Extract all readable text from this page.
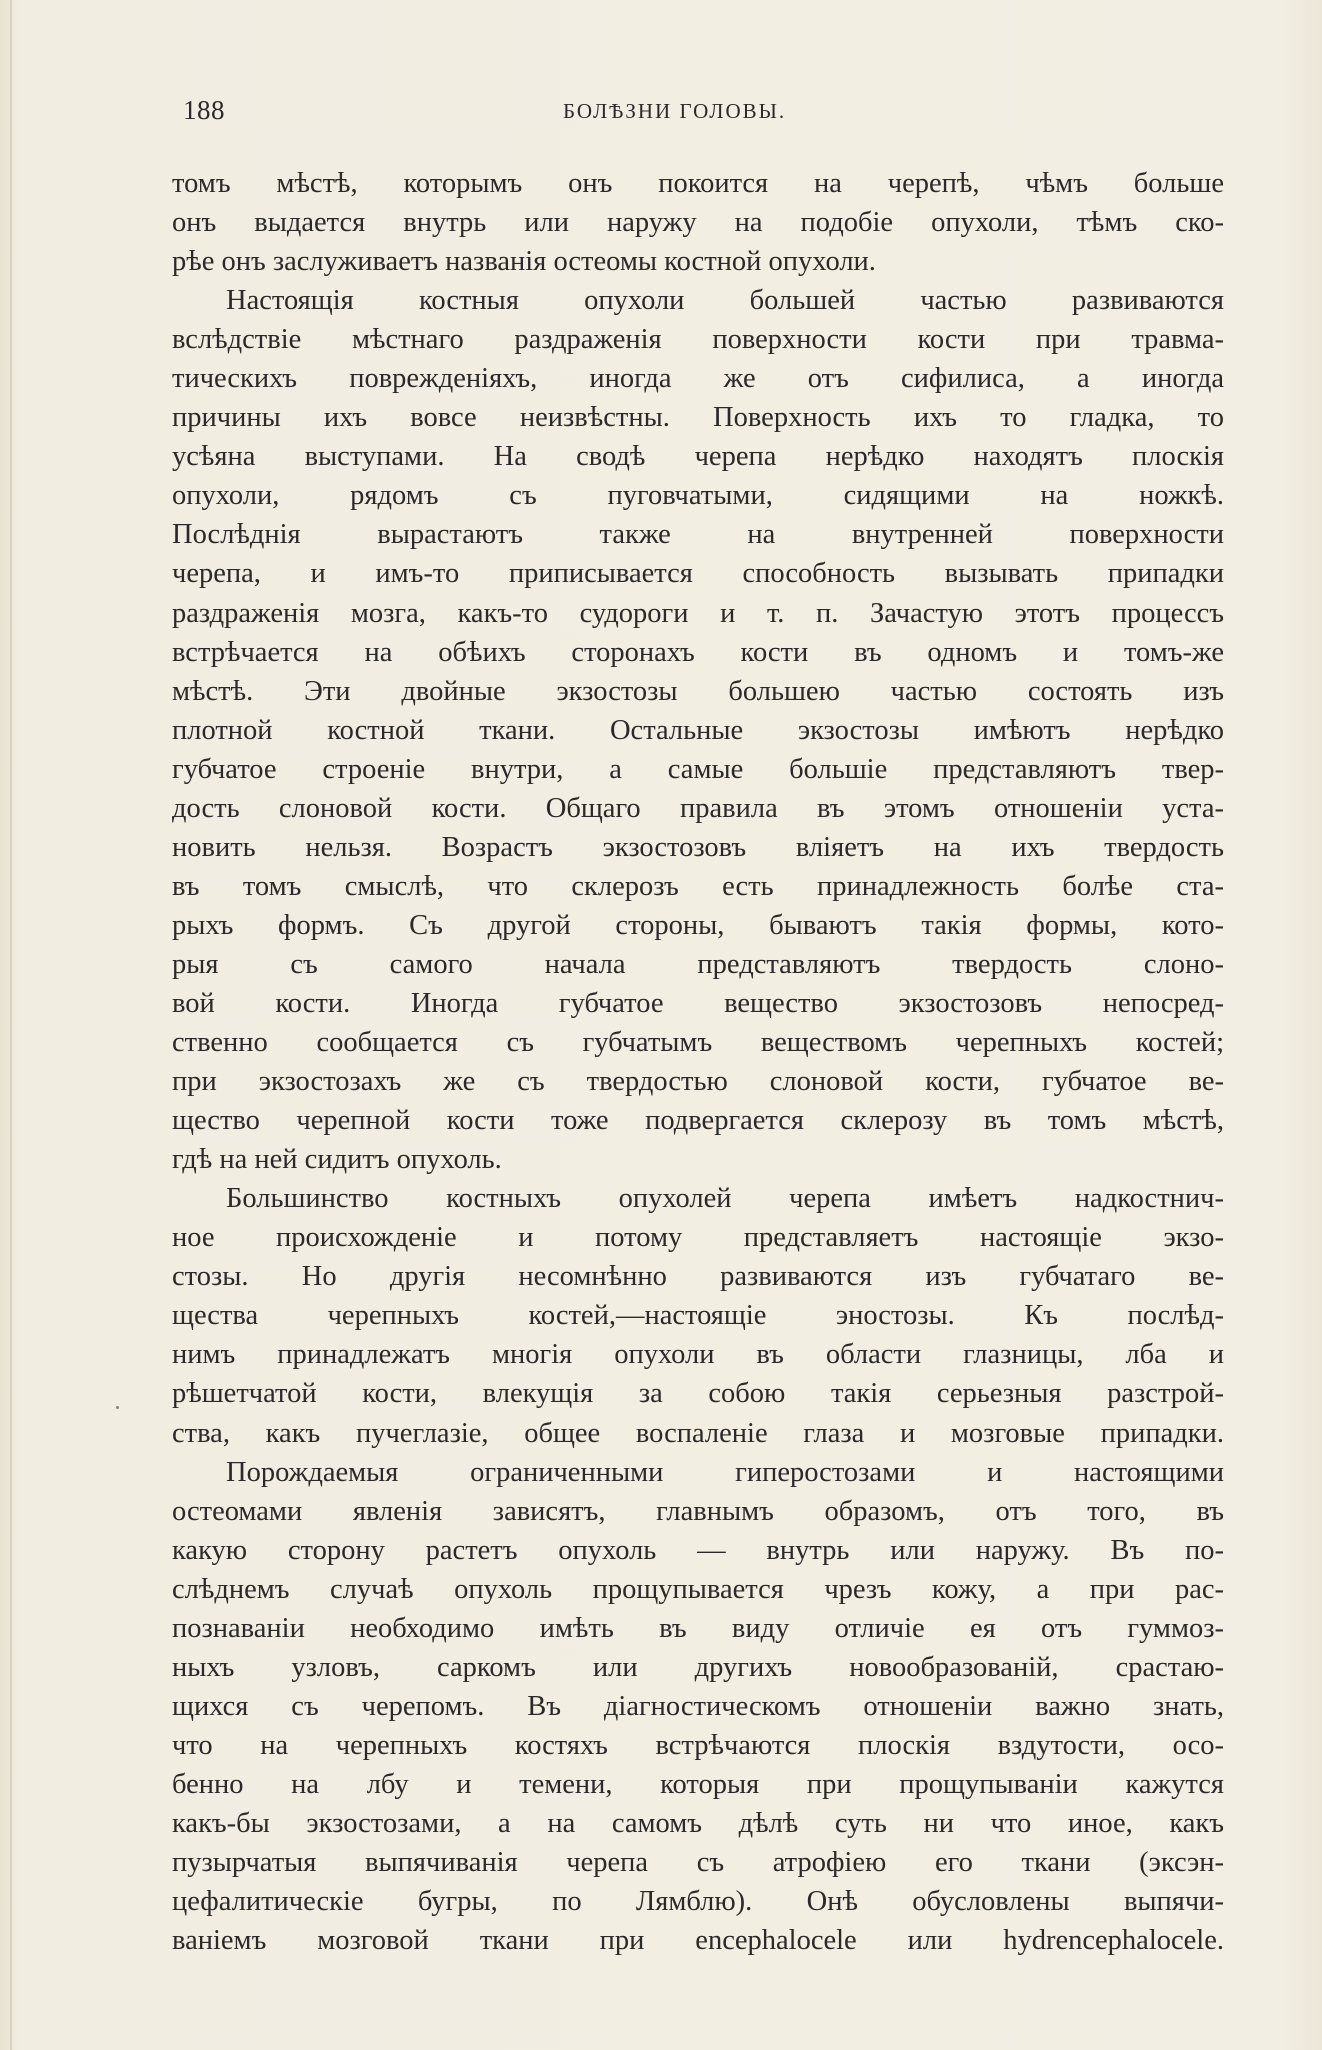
188	БОЛѢЗНИ ГОЛОВЫ.
томъ мѣстѣ, которымъ онъ покоится на черепѣ, чѣмъ больше
онъ выдается внутрь или наружу на подобіе опухоли, тѣмъ ско-
рѣе онъ заслуживаетъ названія остеомы костной опухоли.
Настоящія костныя опухоли большей частью развиваются
вслѣдствіе мѣстнаго раздраженія поверхности кости при травма-
тическихъ поврежденіяхъ, иногда же отъ сифилиса, а иногда
причины ихъ вовсе неизвѣстны. Поверхность ихъ то гладка, то
усѣяна выступами. На сводѣ черепа нерѣдко находятъ плоскія
опухоли, рядомъ съ пуговчатыми, сидящими на ножкѣ.
Послѣднія вырастаютъ также на внутренней поверхности
черепа, и имъ-то приписывается способность вызывать припадки
раздраженія мозга, какъ-то судороги и т. п. Зачастую этотъ процессъ
встрѣчается на обѣихъ сторонахъ кости въ одномъ и томъ-же
мѣстѣ. Эти двойные экзостозы большею частью состоять изъ
плотной костной ткани. Остальные экзостозы имѣютъ нерѣдко
губчатое строеніе внутри, а самые большіе представляютъ твер-
дость слоновой кости. Общаго правила въ этомъ отношеніи уста-
новить нельзя. Возрастъ экзостозовъ вліяетъ на ихъ твердость
въ томъ смыслѣ, что склерозъ есть принадлежность болѣе ста-
рыхъ формъ. Съ другой стороны, бываютъ такія формы, кото-
рыя съ самого начала представляютъ твердость слоно-
вой кости. Иногда губчатое вещество экзостозовъ непосред-
ственно сообщается съ губчатымъ веществомъ черепныхъ костей;
при экзостозахъ же съ твердостью слоновой кости, губчатое ве-
щество черепной кости тоже подвергается склерозу въ томъ мѣстѣ,
гдѣ на ней сидитъ опухоль.
Большинство костныхъ опухолей черепа имѣетъ надкостнич-
ное происхожденіе и потому представляетъ настоящіе экзо-
стозы. Но другія несомнѣнно развиваются изъ губчатаго ве-
щества черепныхъ костей,—настоящіе эностозы. Къ послѣд-
нимъ принадлежатъ многія опухоли въ области глазницы, лба и
рѣшетчатой кости, влекущія за собою такія серьезныя разстрой-
ства, какъ пучеглазіе, общее воспаленіе глаза и мозговые припадки.
Порождаемыя ограниченными гиперостозами и настоящими
остеомами явленія зависятъ, главнымъ образомъ, отъ того, въ
какую сторону растетъ опухоль — внутрь или наружу. Въ по-
слѣднемъ случаѣ опухоль прощупывается чрезъ кожу, а при рас-
познаваніи необходимо имѣть въ виду отличіе ея отъ гуммоз-
ныхъ узловъ, саркомъ или другихъ новообразованій, срастаю-
щихся съ черепомъ. Въ діагностическомъ отношеніи важно знать,
что на черепныхъ костяхъ встрѣчаются плоскія вздутости, осо-
бенно на лбу и темени, которыя при прощупываніи кажутся
какъ-бы экзостозами, а на самомъ дѣлѣ суть ни что иное, какъ
пузырчатыя выпячиванія черепа съ атрофіею его ткани (эксэн-
цефалитическіе бугры, по Лямблю). Онѣ обусловлены выпячи-
ваніемъ мозговой ткани при encephalocele или hydrencephalocele.
